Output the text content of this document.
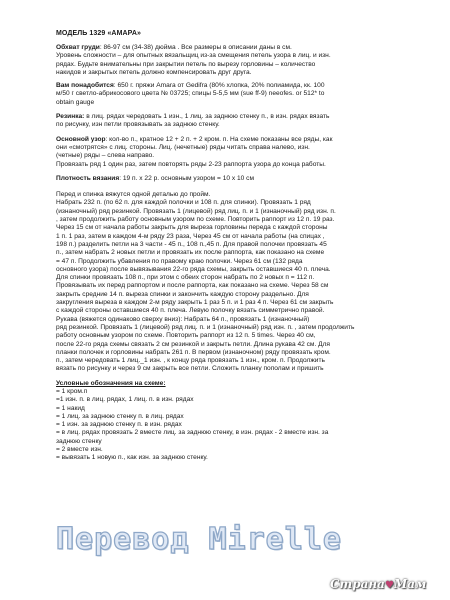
МОДЕЛЬ 1329 «АМАРА»
Обхват груди: 86-97 см (34-38) дюйма . Все размеры в описании даны в см.
Уровень сложности – для опытных вязальщиц из-за смещения петель узора в лиц. и изн.
рядах. Будьте внимательны при закрытии петель по вырезу горловины – количество
накидов и закрытых петель должно компенсировать друг друга.
Вам понадобится: 650 г. пряжи Amara от Gedifra (80% хлопка, 20% полиамида, кк. 100
м/50 г светло-абрикосового цвета № 03725; спицы 5-5,5 мм (sue ff-9) neeofes. or 512* to
obtain gauge
Резинка: в лиц. рядах чередовать 1 изн., 1 лиц. за заднюю стенку п., в изн. рядах вязать
по рисунку, изн петли провязывать за заднюю стенку.
Основной узор: кол-во п., кратное 12 + 2 п. + 2 кром. п. На схеме показаны все ряды, как
они «смотрятся» с лиц. стороны. Лиц. (нечетные) ряды читать справа налево, изн.
(четные) ряды – слева направо.
Провязать ряд 1 один раз, затем повторять ряды 2-23 раппорта узора до конца работы.
Плотность вязания: 19 п. х 22 р. основным узором = 10 х 10 см
Перед и спинка вяжутся одной деталью до пройм.
Набрать 232 п. (по 62 п. для каждой полочки и 108 п. для спинки). Провязать 1 ряд
(изнаночный) ряд резинкой. Провязать 1 (лицевой) ряд лиц. п. и 1 (изнаночный) ряд изн. п.
, затем продолжить работу основным узором по схеме. Повторить раппорт из 12 п. 19 раз.
Через 15 см от начала работы закрыть для выреза горловины переда с каждой стороны
1 п. 1 раз, затем в каждом 4-м ряду 23 раза, Через 45 см от начала работы (на спицах ,
198 п.) разделить петли на 3 части - 45 п., 108 п.,45 п. Для правой полочки провязать 45
п., затем набрать 2 новых петли и провязать их после раппорта, как показано на схеме
= 47 п. Продолжить убавления по правому краю полочки. Через 61 см (132 ряда
основного узора) после вывязывания 22-го ряда схемы, закрыть оставшиеся 40 п. плеча.
Для спинки провязать 108 п., при этом с обеих сторон набрать по 2 новых п = 112 п.
Провязывать их перед раппортом и после раппорта, как показано на схеме. Через 58 см
закрыть средние 14 п. выреза спинки и закончить каждую сторону раздельно. Для
закругления выреза в каждом 2-м ряду закрыть 1 раз 5 п. и 1 раз 4 п. Через 61 см закрыть
с каждой стороны оставшиеся 40 п. плеча. Левую полочку вязать симметрично правой.
Рукава (вяжется одинаково сверху вниз): Набрать 64 п., провязать 1 (изнаночный)
ряд резинкой. Провязать 1 (лицевой) ряд лиц. п. и 1 (изнаночный) ряд изн. п. , затем продолжить
работу основным узором по схеме. Повторить раппорт из 12 п. 5 times. Через 40 см,
после 22-го ряда схемы связать 2 см резинкой и закрыть петли. Длина рукава 42 см. Для
планки полочек и горловины набрать 261 п. В первом (изнаночном) ряду провязать кром.
п., затем чередовать 1 лиц._1 изн. , к концу ряда провязать 1 изн., кром. п. Продолжить
вязать по рисунку и через 9 см закрыть все петли. Сложить планку пополам и пришить
Условные обозначения на схеме:
= 1 кром.п
=1 изн. п. в лиц. рядах, 1 лиц. п. в изн. рядах
= 1 накид
= 1 лиц. за заднюю стенку п. в лиц. рядах
= 1 изн. за заднюю стенку п. в изн. рядах
= в лиц. рядах провязать 2 вместе лиц. за заднюю стенку, в изн. рядах - 2 вместе изн. за
заднюю стенку
= 2 вместе изн.
= вывязать 1 новую п., как изн. за заднюю стенку.
Перевод Mirelle
Страна♥Мам
